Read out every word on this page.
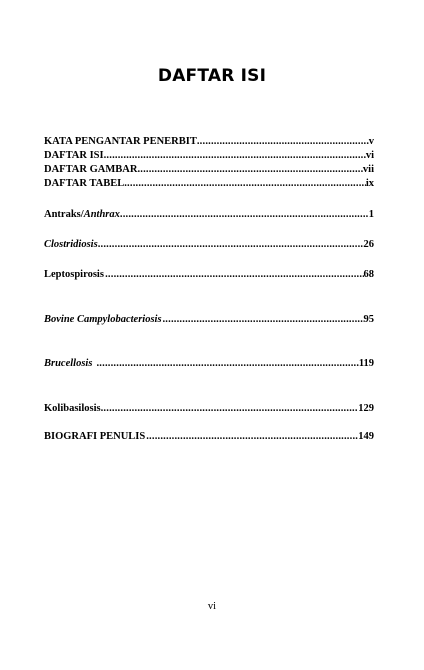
DAFTAR ISI
KATA PENGANTAR PENERBIT .....	v
DAFTAR ISI .....	vi
DAFTAR GAMBAR .....	vii
DAFTAR TABEL .....	ix
Antraks/Anthrax .....	1
Clostridiosis .....	26
Leptospirosis .....	68
Bovine Campylobacteriosis .....	95
Brucellosis .....	119
Kolibasilosis .....	129
BIOGRAFI PENULIS .....	149
vi
